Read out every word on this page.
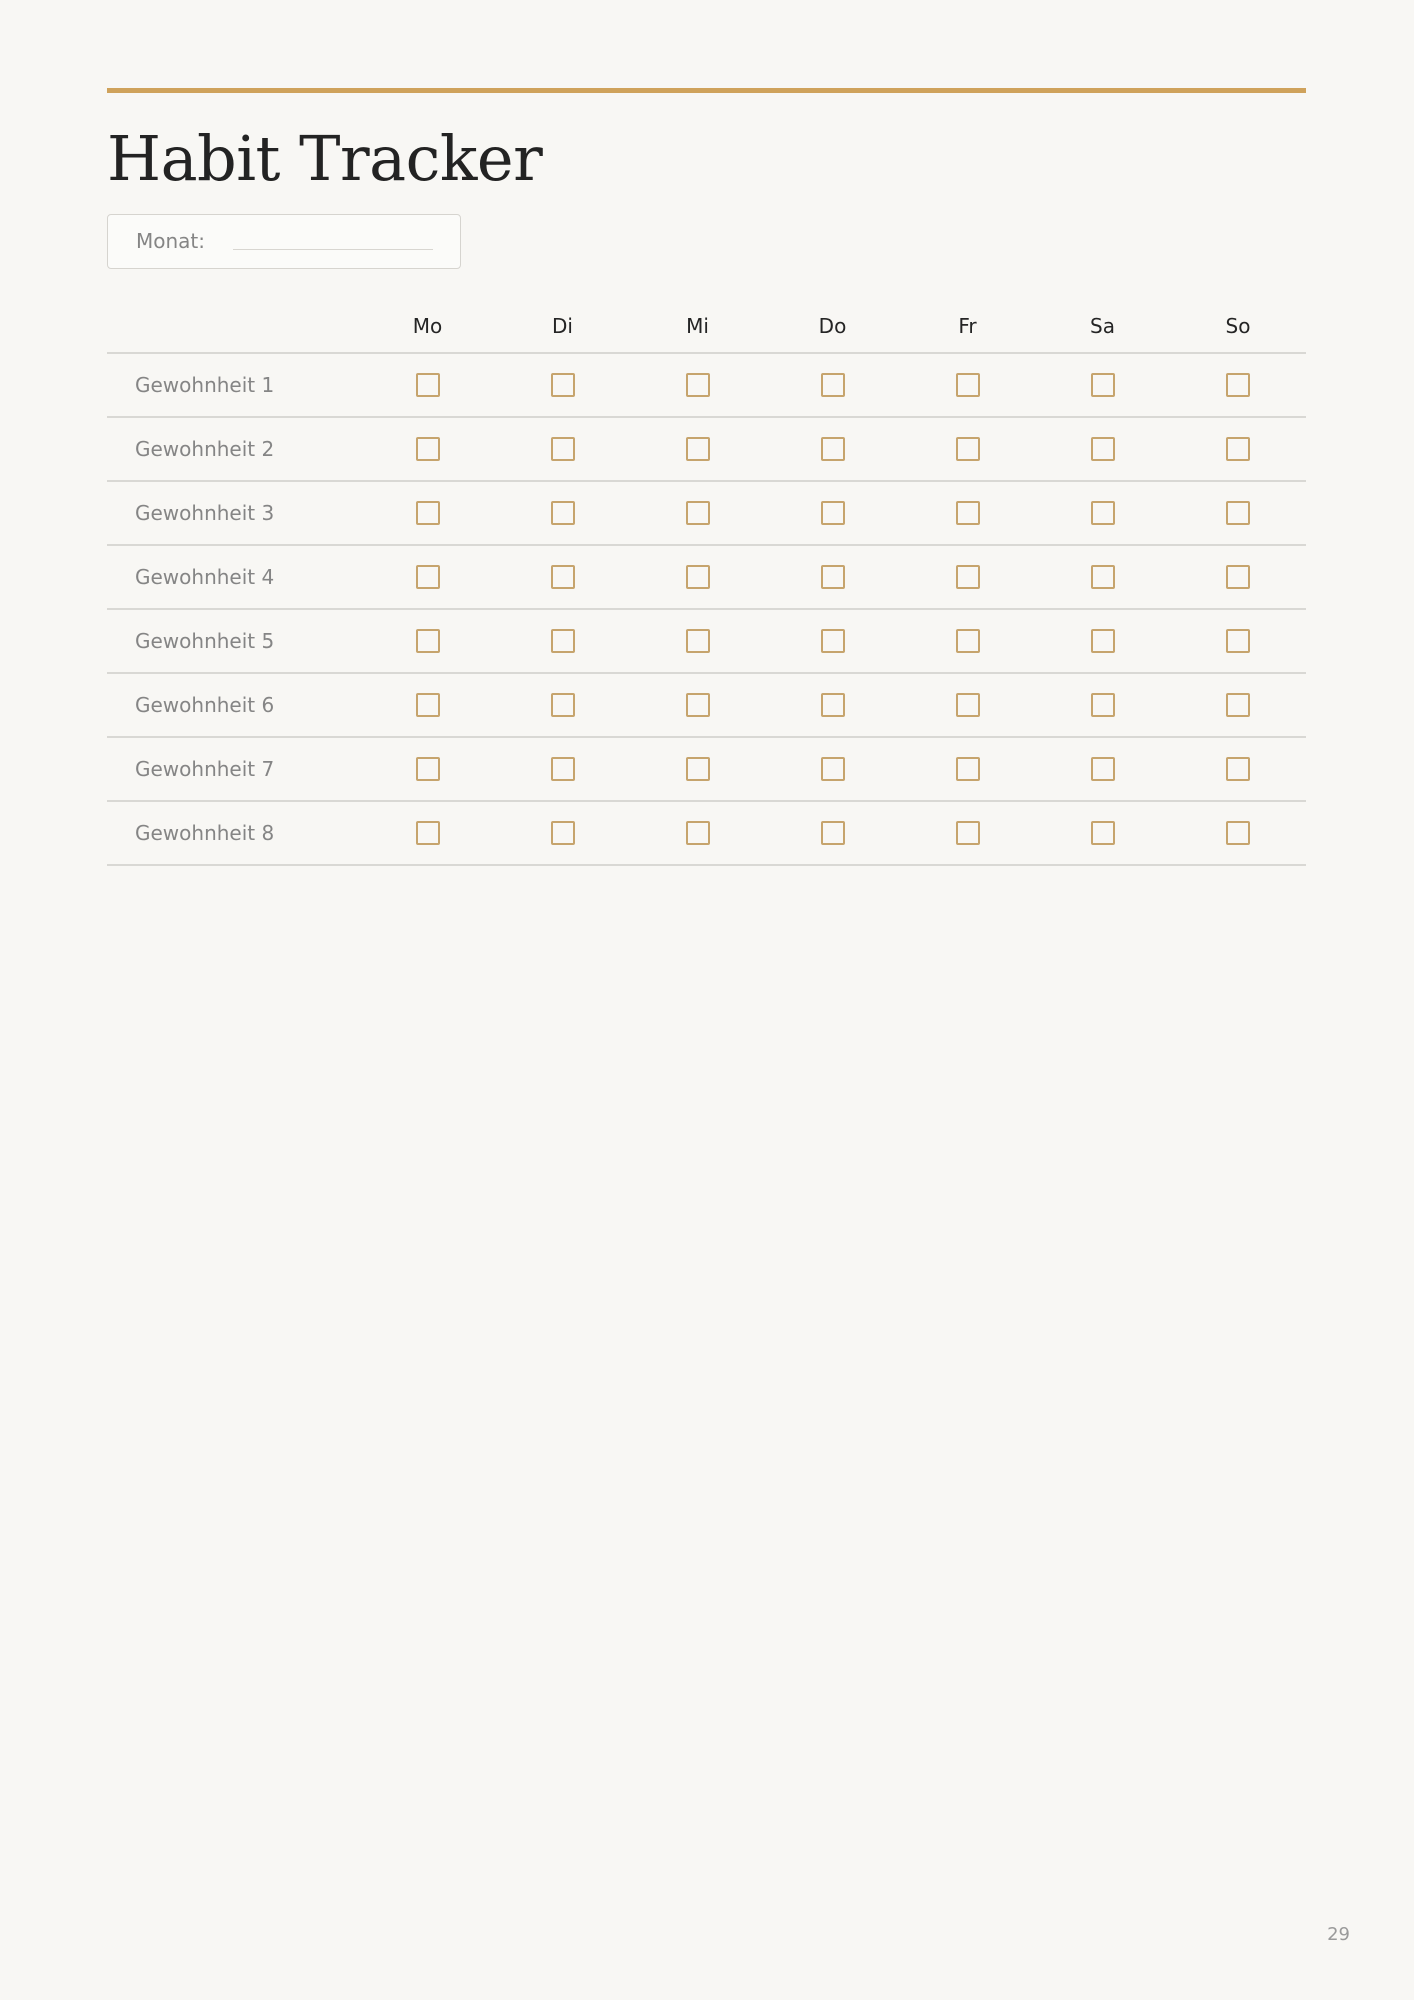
Habit Tracker
Monat:
	Mo	Di	Mi	Do	Fr	Sa	So
Gewohnheit 1							
Gewohnheit 2							
Gewohnheit 3							
Gewohnheit 4							
Gewohnheit 5							
Gewohnheit 6							
Gewohnheit 7							
Gewohnheit 8							
29
